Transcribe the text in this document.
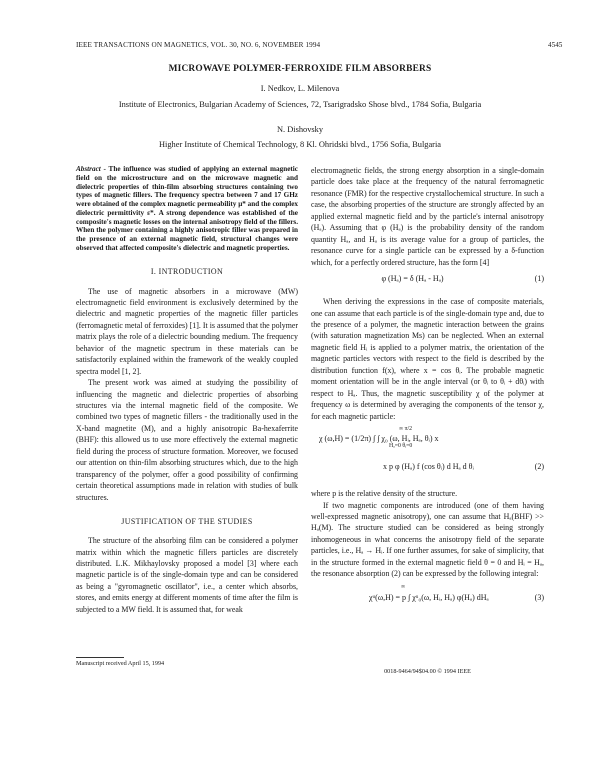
IEEE TRANSACTIONS ON MAGNETICS, VOL. 30, NO. 6, NOVEMBER 1994	4545
MICROWAVE POLYMER-FERROXIDE FILM ABSORBERS
I. Nedkov, L. Milenova
Institute of Electronics, Bulgarian Academy of Sciences, 72, Tsarigradsko Shose blvd., 1784 Sofia, Bulgaria
N. Dishovsky
Higher Institute of Chemical Technology, 8 Kl. Ohridski blvd., 1756 Sofia, Bulgaria

Abstract - The influence was studied of applying an external magnetic field on the microstructure and on the microwave magnetic and dielectric properties of thin-film absorbing structures containing two types of magnetic fillers. The frequency spectra between 7 and 17 GHz were obtained of the complex magnetic permeability μ* and the complex dielectric permittivity ε*. A strong dependence was established of the composite's magnetic losses on the internal anisotropy field of the fillers. When the polymer containing a highly anisotropic filler was prepared in the presence of an external magnetic field, structural changes were observed that affected composite's dielectric and magnetic properties.

I. INTRODUCTION

The use of magnetic absorbers in a microwave (MW) electromagnetic field environment is exclusively determined by the dielectric and magnetic properties of the magnetic filler particles (ferromagnetic metal of ferroxides) [1]. It is assumed that the polymer matrix plays the role of a dielectric bounding medium. The frequency behavior of the magnetic spectrum in these materials can be satisfactorily explained within the framework of the weakly coupled spectra model [1, 2].

The present work was aimed at studying the possibility of influencing the magnetic and dielectric properties of absorbing structures via the internal magnetic field of the composite. We combined two types of magnetic fillers - the traditionally used in the X-band magnetite (M), and a highly anisotropic Ba-hexaferrite (BHF): this allowed us to use more effectively the external magnetic field during the process of structure formation. Moreover, we focused our attention on thin-film absorbing structures which, due to the high transparency of the polymer, offer a good possibility of confirming certain theoretical assumptions made in relation with studies of bulk structures.

JUSTIFICATION OF THE STUDIES

The structure of the absorbing film can be considered a polymer matrix within which the magnetic fillers particles are discretely distributed. L.K. Mikhaylovsky proposed a model [3] where each magnetic particle is of the single-domain type and can be considered as being a "gyromagnetic oscillator", i.e., a center which absorbs, stores, and emits energy at different moments of time after the film is subjected to a MW field. It is assumed that, for weak

electromagnetic fields, the strong energy absorption in a single-domain particle does take place at the frequency of the natural ferromagnetic resonance (FMR) for the respective crystallochemical structure. In such a case, the absorbing properties of the structure are strongly affected by an applied external magnetic field and by the particle's internal anisotropy (Hₐ). Assuming that φ (Hₐ) is the probability density of the random quantity Hₐ, and Hₐ is its average value for a group of particles, the resonance curve for a single particle can be expressed by a δ-function which, for a perfectly ordered structure, has the form [4]

φ (Hₐ) = δ (Hₐ - Hₐ)	(1)

When deriving the expressions in the case of composite materials, one can assume that each particle is of the single-domain type and, due to the presence of a polymer, the magnetic interaction between the grains (with saturation magnetization Ms) can be neglected. When an external magnetic field Hᵢ is applied to a polymer matrix, the orientation of the magnetic particles vectors with respect to the field is described by the distribution function f(x), where x = cos θᵢ. The probable magnetic moment orientation will be in the angle interval (or θᵢ to θᵢ + dθᵢ) with respect to Hₐ. Thus, the magnetic susceptibility χ of the polymer at frequency ω is determined by averaging the components of the tensor χ, for each magnetic particle:

∞ π/2
χ (ω,H) = (1/2π) ∫ ∫ χ₀ (ω, Hᵢ, Hₐ, θᵢ) x
Hₐ=0 θᵢ=0
x p φ (Hₐ) f (cos θᵢ) d Hₐ d θᵢ	(2)

where p is the relative density of the structure.

If two magnetic components are introduced (one of them having well-expressed magnetic anisotropy), one can assume that Hₐ(BHF) >> Hₐ(M). The structure studied can be considered as being strongly inhomogeneous in what concerns the anisotropy field of the separate particles, i.e., Hₐ → Hᵢ. If one further assumes, for sake of simplicity, that in the structure formed in the external magnetic field θ = 0 and Hᵢ = Hₐ, the resonance absorption (2) can be expressed by the following integral:

∞
χᵘ(ω,H) = p ∫ χᵘ₀(ω, Hᵢ, Hₐ) φ(Hₐ) dHₐ	(3)
Manuscript received April 15, 1994
0018-9464/94$04.00 © 1994 IEEE
